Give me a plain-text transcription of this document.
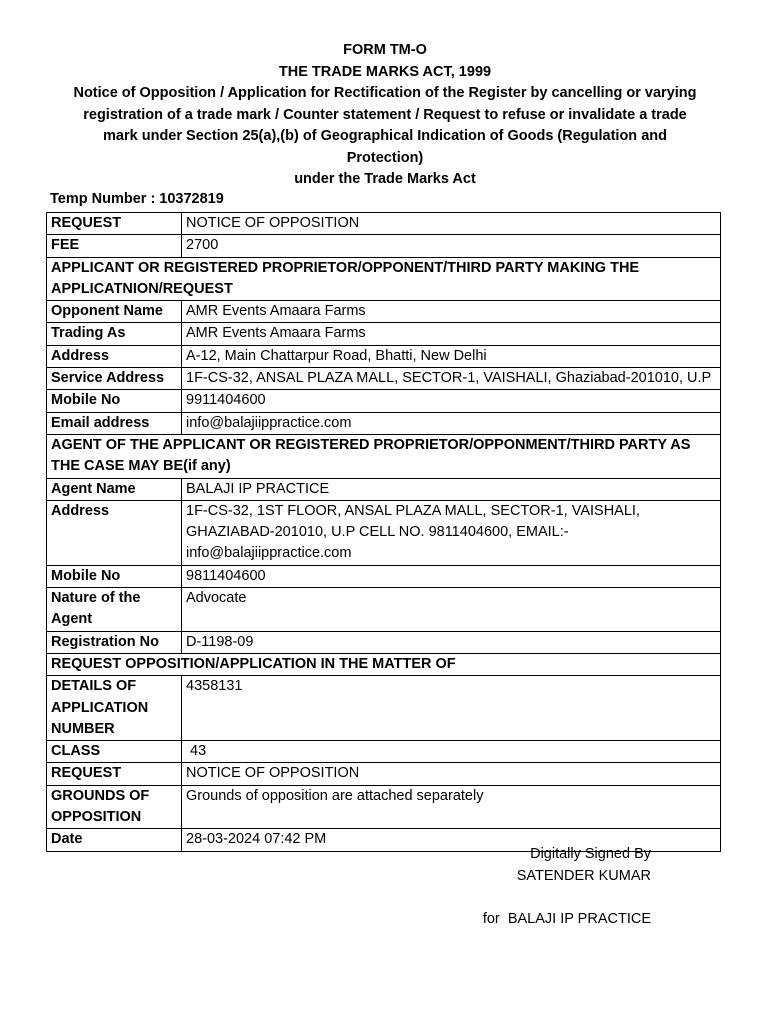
FORM TM-O
THE TRADE MARKS ACT, 1999
Notice of Opposition / Application for Rectification of the Register by cancelling or varying
registration of a trade mark / Counter statement / Request to refuse or invalidate a trade
mark under Section 25(a),(b) of Geographical Indication of Goods (Regulation and
Protection)
under the Trade Marks Act
Temp Number : 10372819
REQUEST	NOTICE OF OPPOSITION
FEE	2700
APPLICANT OR REGISTERED PROPRIETOR/OPPONENT/THIRD PARTY MAKING THE APPLICATNION/REQUEST	
Opponent Name	AMR Events Amaara Farms
Trading As	AMR Events Amaara Farms
Address	A-12, Main Chattarpur Road, Bhatti, New Delhi
Service Address	1F-CS-32, ANSAL PLAZA MALL, SECTOR-1, VAISHALI, Ghaziabad-201010, U.P
Mobile No	9911404600
Email address	info@balajiippractice.com
AGENT OF THE APPLICANT OR REGISTERED PROPRIETOR/OPPONMENT/THIRD PARTY AS THE CASE MAY BE(if any)	
Agent Name	BALAJI IP PRACTICE
Address	1F-CS-32, 1ST FLOOR, ANSAL PLAZA MALL, SECTOR-1, VAISHALI, GHAZIABAD-201010, U.P CELL NO. 9811404600, EMAIL:-info@balajiippractice.com
Mobile No	9811404600
Nature of the Agent	Advocate
Registration No	D-1198-09
REQUEST OPPOSITION/APPLICATION IN THE MATTER OF	
DETAILS OF APPLICATION NUMBER	4358131
CLASS	43
REQUEST	NOTICE OF OPPOSITION
GROUNDS OF OPPOSITION	Grounds of opposition are attached separately
Date	28-03-2024 07:42 PM
Digitally Signed By
SATENDER KUMAR
for  BALAJI IP PRACTICE
